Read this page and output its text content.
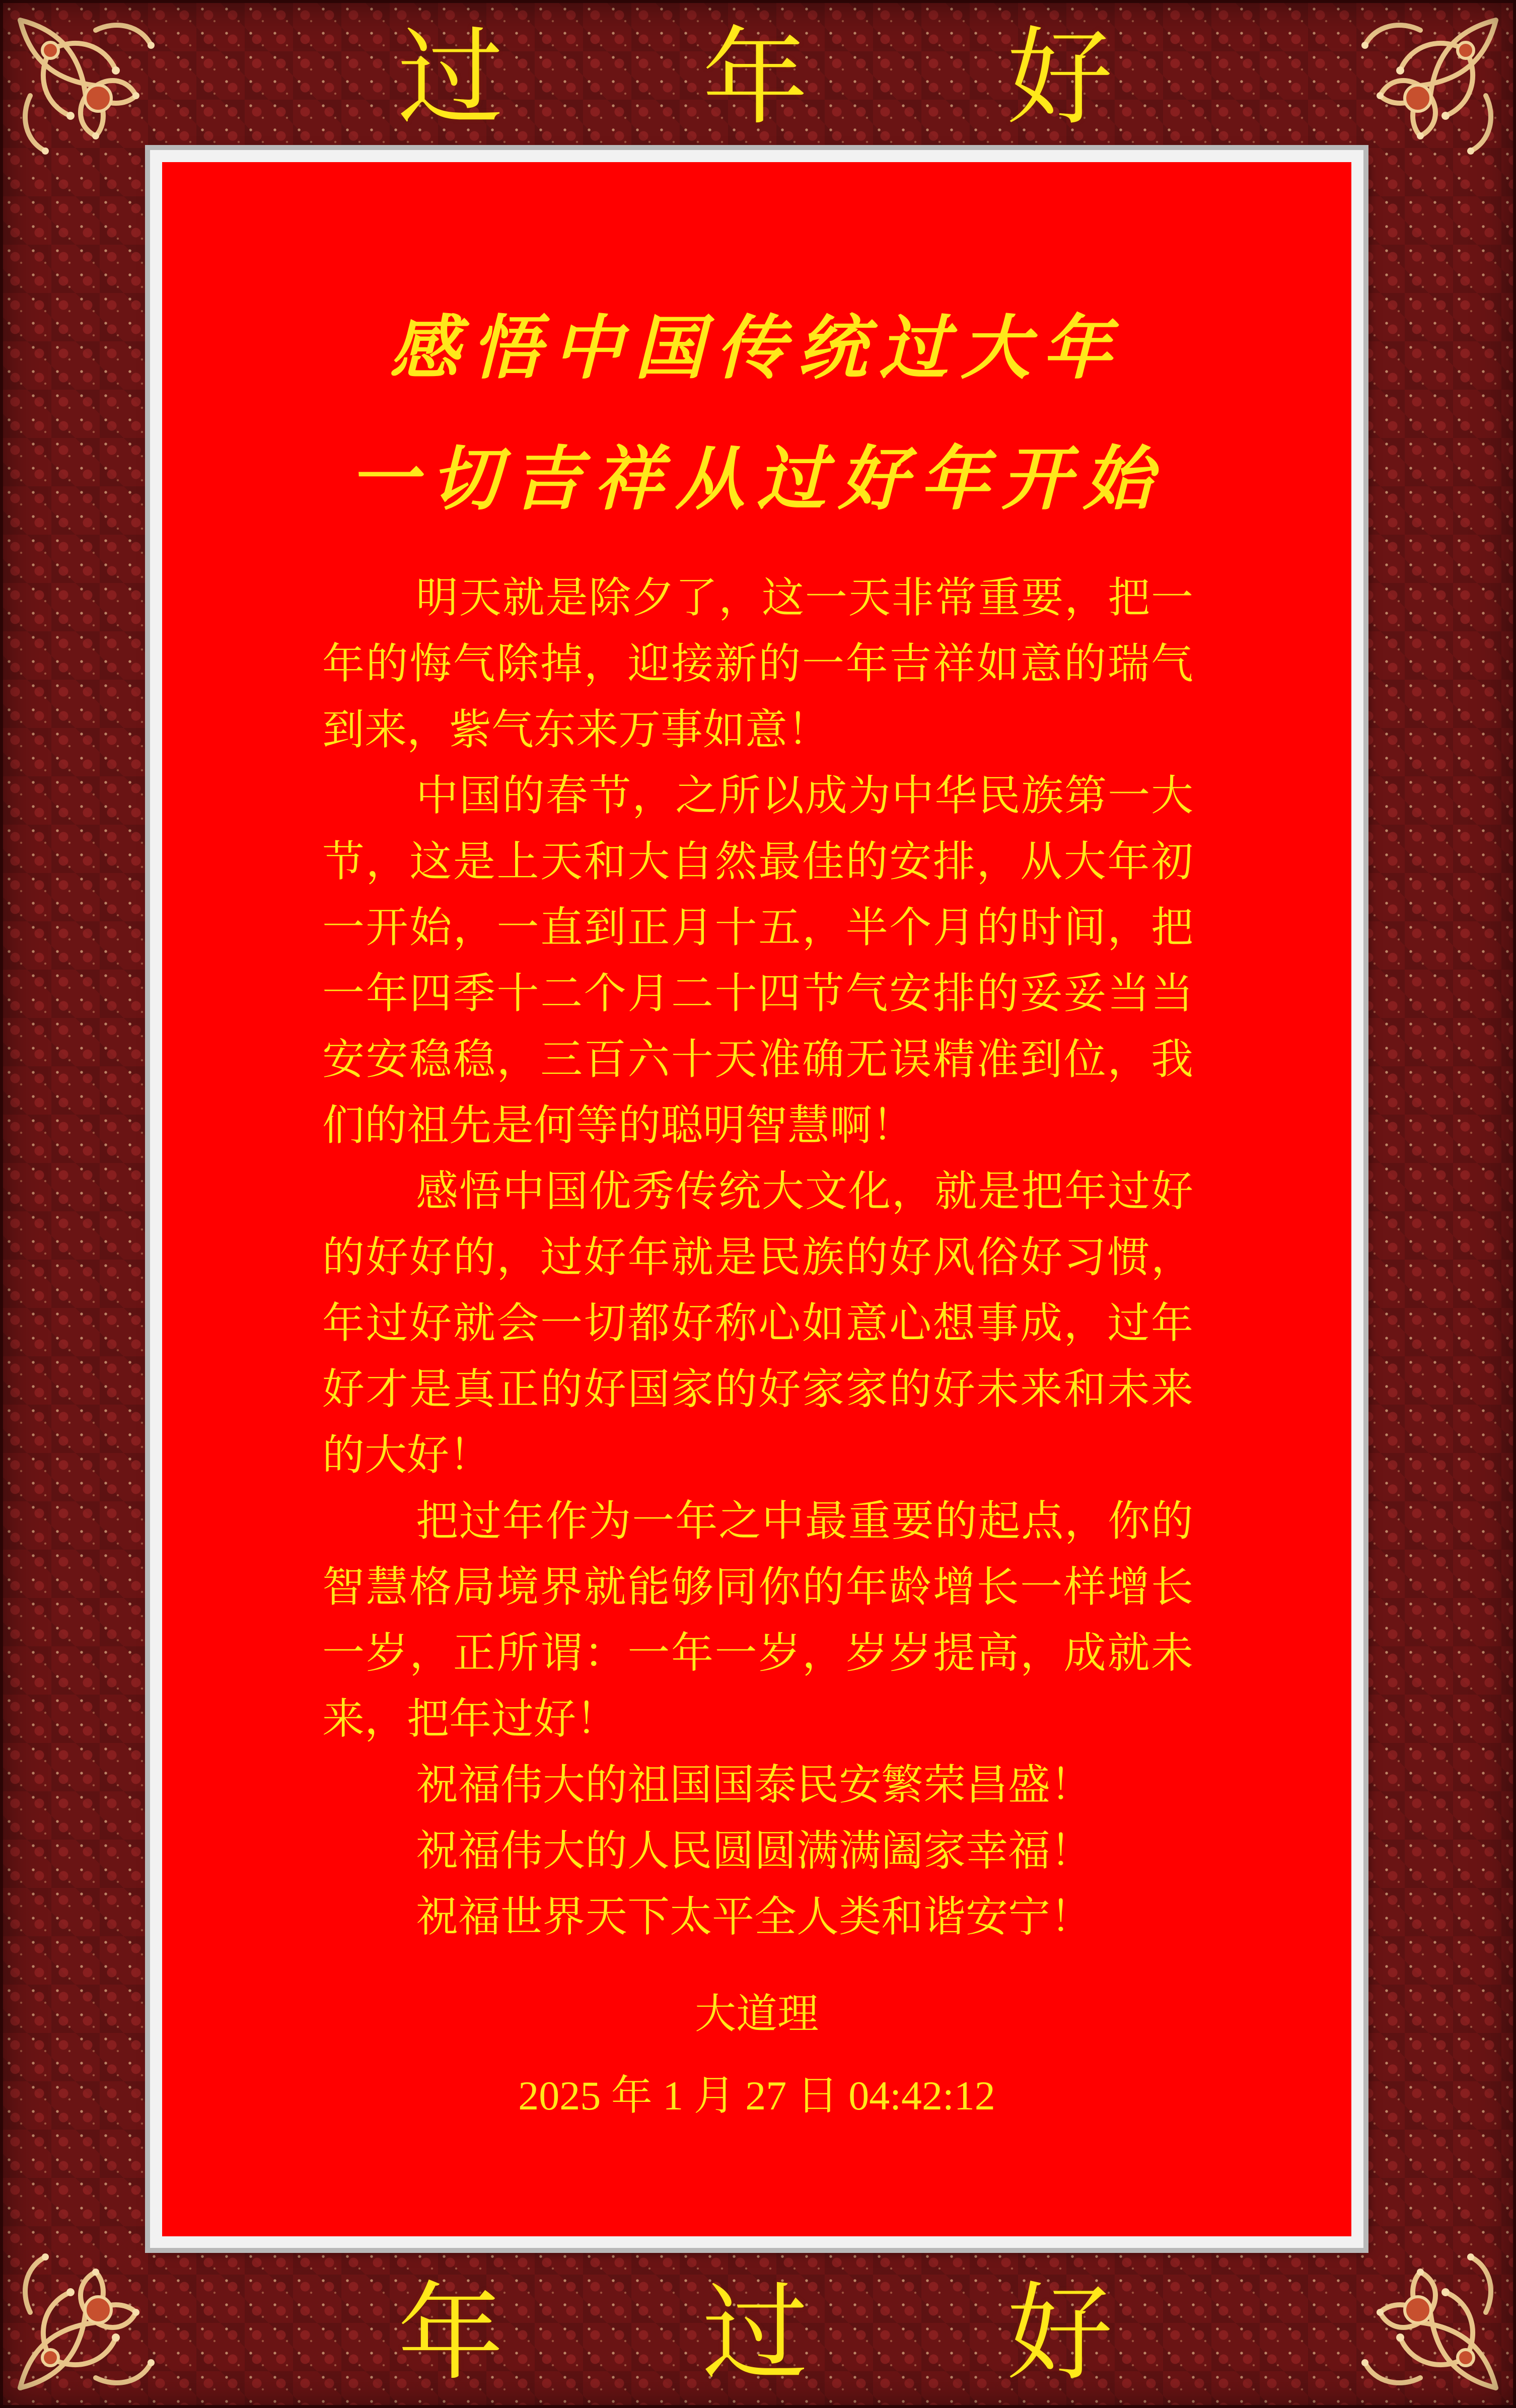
过 年 好
年 过 好
感悟中国传统过大年
一切吉祥从过好年开始

明天就是除夕了，这一天非常重要，把一年的悔气除掉，迎接新的一年吉祥如意的瑞气到来，紫气东来万事如意！

中国的春节，之所以成为中华民族第一大节，这是上天和大自然最佳的安排，从大年初一开始，一直到正月十五，半个月的时间，把一年四季十二个月二十四节气安排的妥妥当当安安稳稳，三百六十天准确无误精准到位，我们的祖先是何等的聪明智慧啊！

感悟中国优秀传统大文化，就是把年过好的好好的，过好年就是民族的好风俗好习惯，年过好就会一切都好称心如意心想事成，过年好才是真正的好国家的好家家的好未来和未来的大好！

把过年作为一年之中最重要的起点，你的智慧格局境界就能够同你的年龄增长一样增长一岁，正所谓：一年一岁，岁岁提高，成就未来，把年过好！

祝福伟大的祖国国泰民安繁荣昌盛！

祝福伟大的人民圆圆满满阖家幸福！

祝福世界天下太平全人类和谐安宁！

大道理
2025 年 1 月 27 日 04:42:12
